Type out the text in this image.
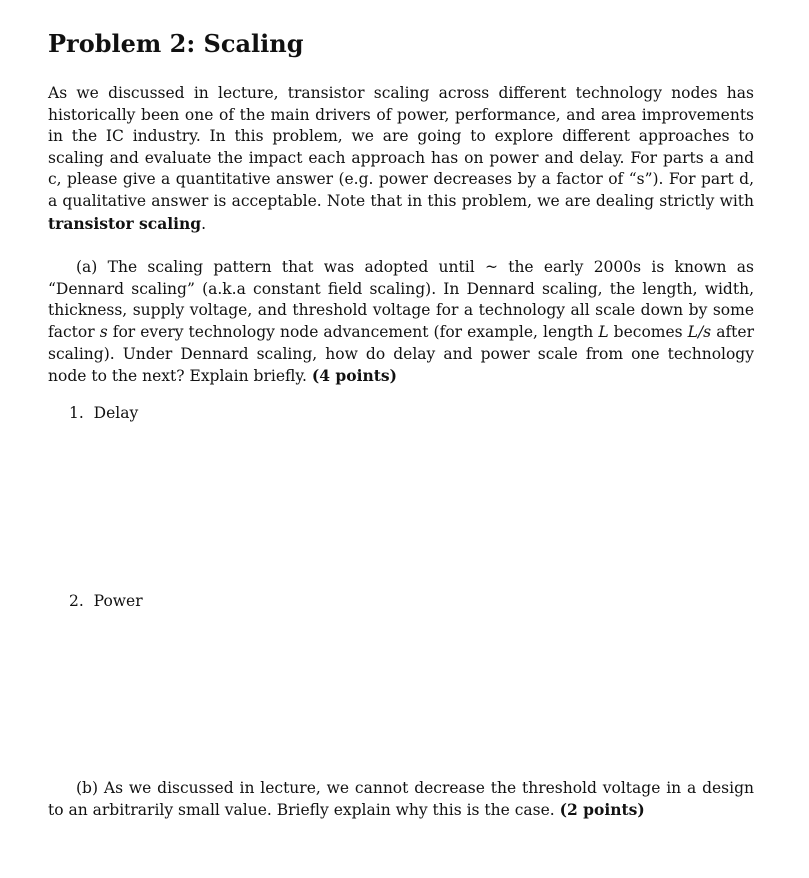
Problem 2: Scaling

As we discussed in lecture, transistor scaling across different technology nodes has historically been one of the main drivers of power, performance, and area improvements in the IC industry. In this problem, we are going to explore different approaches to scaling and evaluate the impact each approach has on power and delay. For parts a and c, please give a quantitative answer (e.g. power decreases by a factor of “s”). For part d, a qualitative answer is acceptable. Note that in this problem, we are dealing strictly with transistor scaling.

(a) The scaling pattern that was adopted until ~ the early 2000s is known as “Dennard scaling” (a.k.a constant field scaling). In Dennard scaling, the length, width, thickness, supply voltage, and threshold voltage for a technology all scale down by some factor s for every technology node advancement (for example, length L becomes L/s after scaling). Under Dennard scaling, how do delay and power scale from one technology node to the next? Explain briefly. (4 points)

1. Delay
2. Power

(b) As we discussed in lecture, we cannot decrease the threshold voltage in a design to an arbitrarily small value. Briefly explain why this is the case. (2 points)
